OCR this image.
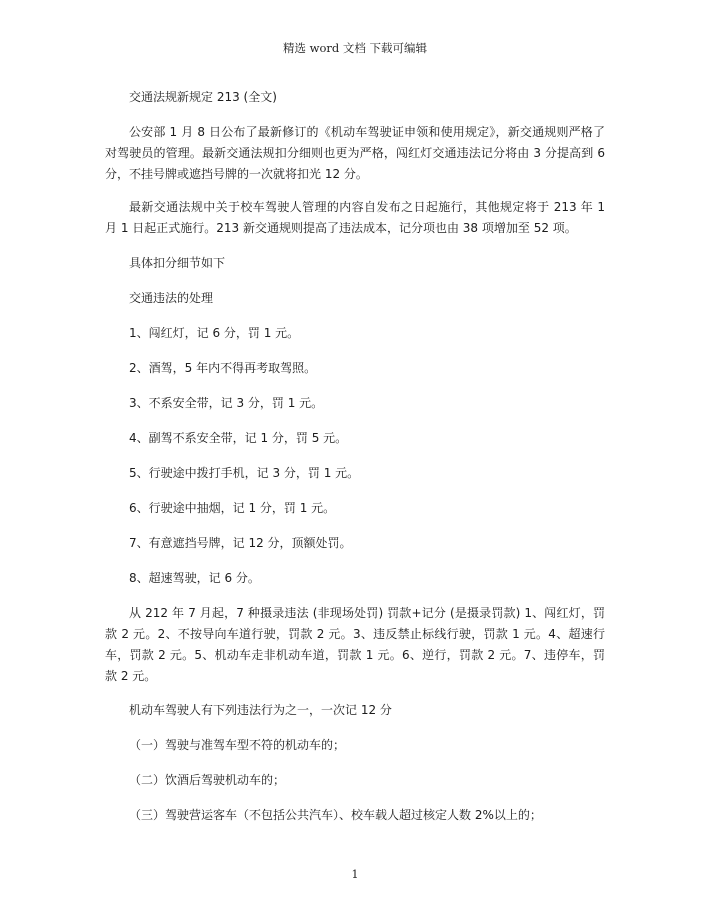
精选 word 文档 下载可编辑

交通法规新规定 213 (全文)

公安部 1 月 8 日公布了最新修订的《机动车驾驶证申领和使用规定》，新交通规则严格了对驾驶员的管理。最新交通法规扣分细则也更为严格，闯红灯交通违法记分将由 3 分提高到 6 分，不挂号牌或遮挡号牌的一次就将扣光 12 分。

最新交通法规中关于校车驾驶人管理的内容自发布之日起施行，其他规定将于 213 年 1 月 1 日起正式施行。213 新交通规则提高了违法成本，记分项也由 38 项增加至 52 项。

具体扣分细节如下

交通违法的处理

1、闯红灯，记 6 分，罚 1 元。

2、酒驾，5 年内不得再考取驾照。

3、不系安全带，记 3 分，罚 1 元。

4、副驾不系安全带，记 1 分，罚 5 元。

5、行驶途中拨打手机，记 3 分，罚 1 元。

6、行驶途中抽烟，记 1 分，罚 1 元。

7、有意遮挡号牌，记 12 分，顶额处罚。

8、超速驾驶，记 6 分。

从 212 年 7 月起，7 种摄录违法 (非现场处罚) 罚款+记分 (是摄录罚款) 1、闯红灯，罚款 2 元。2、不按导向车道行驶，罚款 2 元。3、违反禁止标线行驶，罚款 1 元。4、超速行车，罚款 2 元。5、机动车走非机动车道，罚款 1 元。6、逆行，罚款 2 元。7、违停车，罚款 2 元。

机动车驾驶人有下列违法行为之一，一次记 12 分

（一）驾驶与准驾车型不符的机动车的；

（二）饮酒后驾驶机动车的；

（三）驾驶营运客车（不包括公共汽车）、校车载人超过核定人数 2%以上的；

1
